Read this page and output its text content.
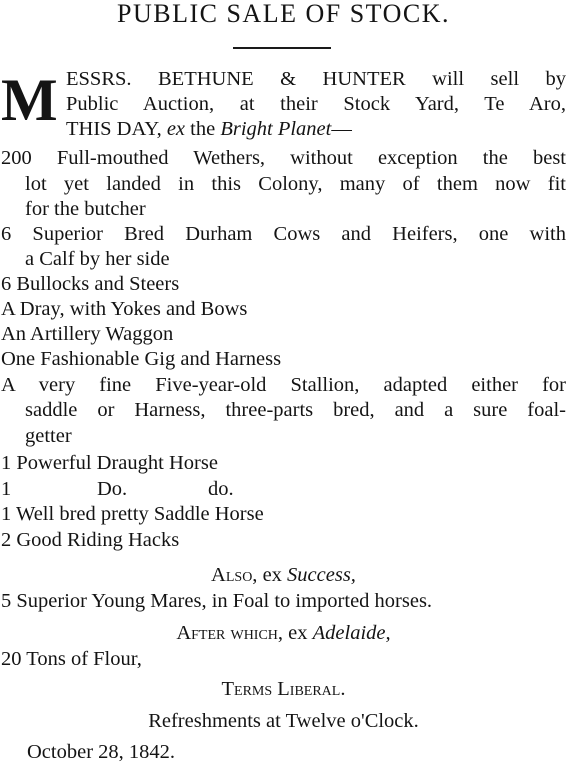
PUBLIC SALE OF STOCK.
M ESSRS. BETHUNE & HUNTER will sell by
Public Auction, at their Stock Yard, Te Aro,
THIS DAY, ex the Bright Planet—
200 Full-mouthed Wethers, without exception the best
lot yet landed in this Colony, many of them now fit
for the butcher
6 Superior Bred Durham Cows and Heifers, one with
a Calf by her side
6 Bullocks and Steers
A Dray, with Yokes and Bows
An Artillery Waggon
One Fashionable Gig and Harness
A very fine Five-year-old Stallion, adapted either for
saddle or Harness, three-parts bred, and a sure foal-
getter
1 Powerful Draught Horse
1	Do.	do.
1 Well bred pretty Saddle Horse
2 Good Riding Hacks
Also, ex Success,
5 Superior Young Mares, in Foal to imported horses.
After which, ex Adelaide,
20 Tons of Flour,
Terms Liberal.
Refreshments at Twelve o'Clock.
October 28, 1842.
